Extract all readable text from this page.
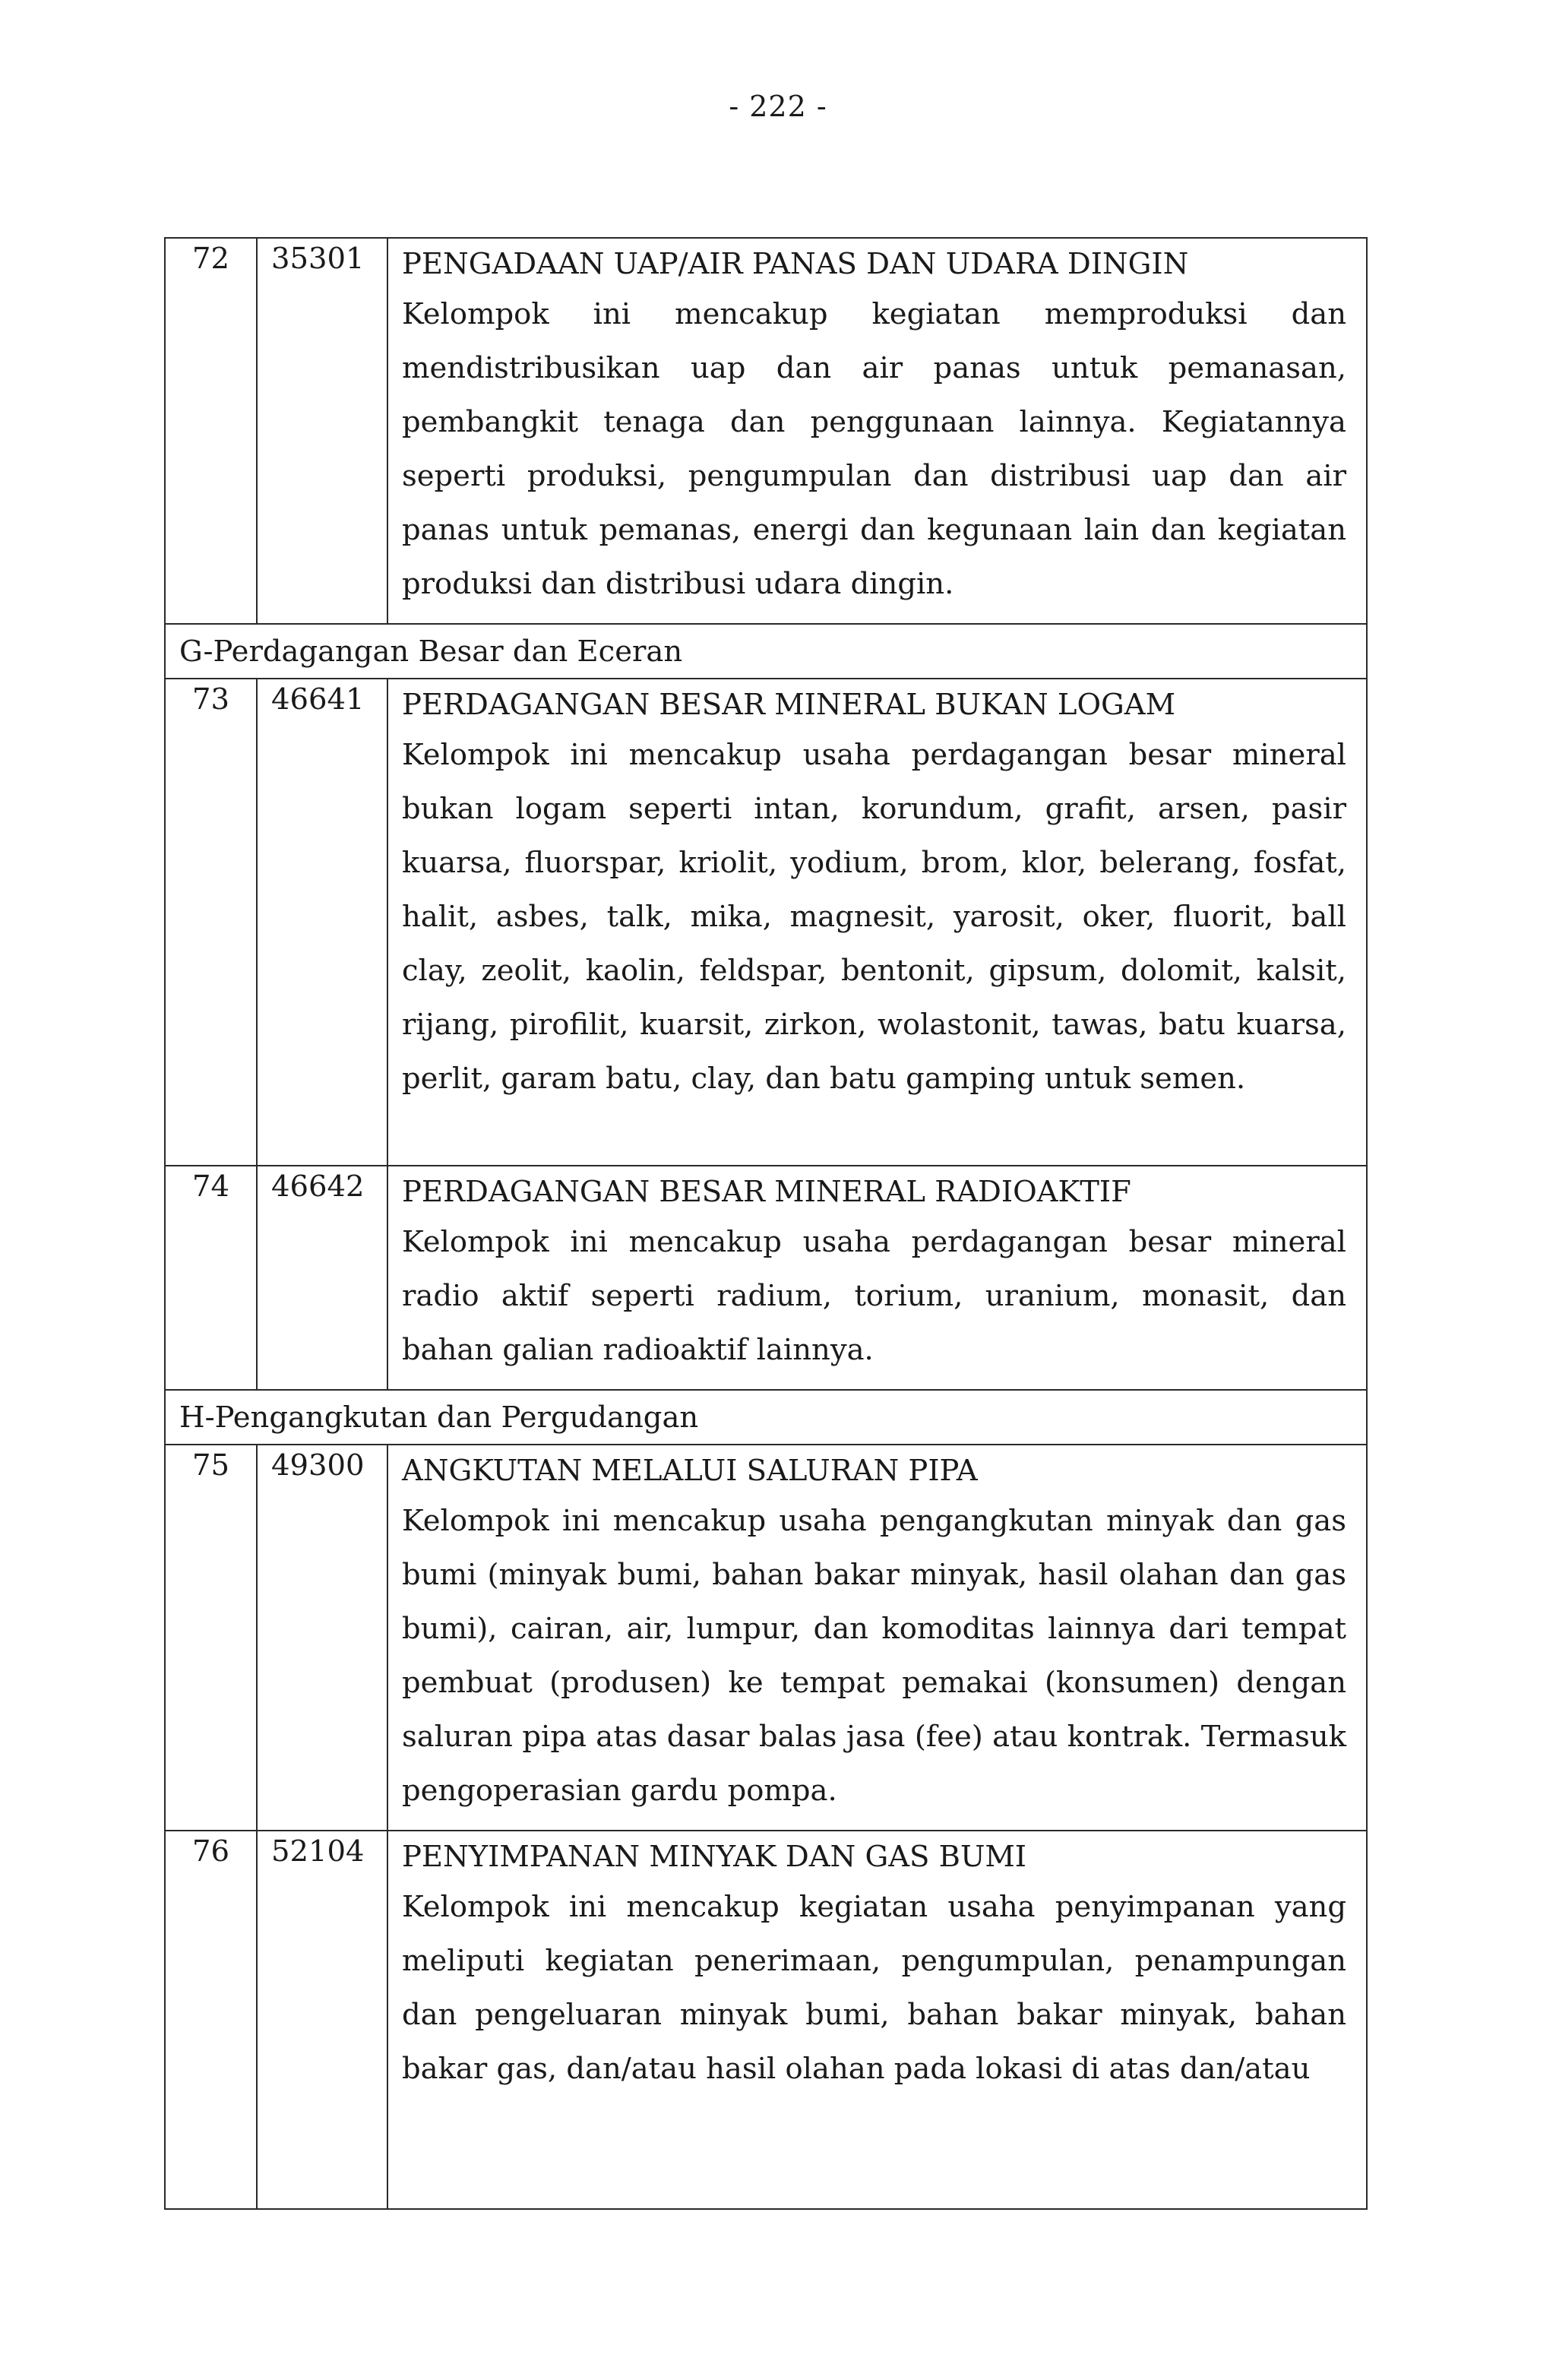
- 222 -
72	35301	PENGADAAN UAP/AIR PANAS DAN UDARA DINGIN
Kelompok ini mencakup kegiatan memproduksi dan mendistribusikan uap dan air panas untuk pemanasan, pembangkit tenaga dan penggunaan lainnya. Kegiatannya seperti produksi, pengumpulan dan distribusi uap dan air panas untuk pemanas, energi dan kegunaan lain dan kegiatan produksi dan distribusi udara dingin.

G-Perdagangan Besar dan Eceran		
73	46641	PERDAGANGAN BESAR MINERAL BUKAN LOGAM
Kelompok ini mencakup usaha perdagangan besar mineral bukan logam seperti intan, korundum, grafit, arsen, pasir kuarsa, fluorspar, kriolit, yodium, brom, klor, belerang, fosfat, halit, asbes, talk, mika, magnesit, yarosit, oker, fluorit, ball clay, zeolit, kaolin, feldspar, bentonit, gipsum, dolomit, kalsit, rijang, pirofilit, kuarsit, zirkon, wolastonit, tawas, batu kuarsa, perlit, garam batu, clay, dan batu gamping untuk semen.

74	46642	PERDAGANGAN BESAR MINERAL RADIOAKTIF
Kelompok ini mencakup usaha perdagangan besar mineral radio aktif seperti radium, torium, uranium, monasit, dan bahan galian radioaktif lainnya.

H-Pengangkutan dan Pergudangan		
75	49300	ANGKUTAN MELALUI SALURAN PIPA
Kelompok ini mencakup usaha pengangkutan minyak dan gas bumi (minyak bumi, bahan bakar minyak, hasil olahan dan gas bumi), cairan, air, lumpur, dan komoditas lainnya dari tempat pembuat (produsen) ke tempat pemakai (konsumen) dengan saluran pipa atas dasar balas jasa (fee) atau kontrak. Termasuk pengoperasian gardu pompa.

76	52104	PENYIMPANAN MINYAK DAN GAS BUMI
Kelompok ini mencakup kegiatan usaha penyimpanan yang meliputi kegiatan penerimaan, pengumpulan, penampungan dan pengeluaran minyak bumi, bahan bakar minyak, bahan bakar gas, dan/atau hasil olahan pada lokasi di atas dan/atau
